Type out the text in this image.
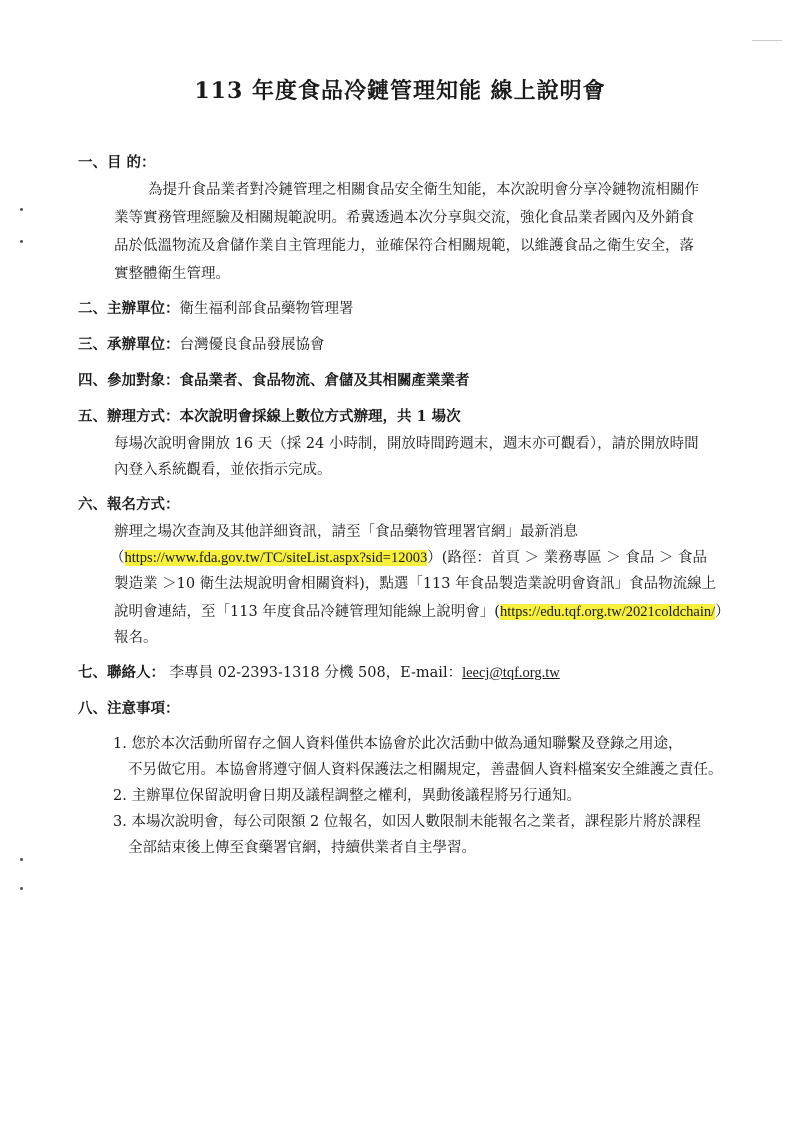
113 年度食品冷鏈管理知能 線上說明會
一、目 的：
為提升食品業者對冷鏈管理之相關食品安全衛生知能，本次說明會分享冷鏈物流相關作
業等實務管理經驗及相關規範說明。希冀透過本次分享與交流，強化食品業者國內及外銷食
品於低溫物流及倉儲作業自主管理能力，並確保符合相關規範，以維護食品之衛生安全，落
實整體衛生管理。
二、主辦單位：衛生福利部食品藥物管理署
三、承辦單位：台灣優良食品發展協會
四、參加對象：食品業者、食品物流、倉儲及其相關產業業者
五、辦理方式：本次說明會採線上數位方式辦理，共 1 場次
每場次說明會開放 16 天（採 24 小時制，開放時間跨週末，週末亦可觀看），請於開放時間
內登入系統觀看，並依指示完成。
六、報名方式：
辦理之場次查詢及其他詳細資訊，請至「食品藥物管理署官網」最新消息
（https://www.fda.gov.tw/TC/siteList.aspx?sid=12003）(路徑：首頁 ＞ 業務專區 ＞ 食品 ＞ 食品
製造業 ＞10 衛生法規說明會相關資料)，點選「113 年食品製造業說明會資訊」食品物流線上
說明會連結，至「113 年度食品冷鏈管理知能線上說明會」(https://edu.tqf.org.tw/2021coldchain/）
報名。
七、聯絡人： 李專員 02-2393-1318 分機 508，E-mail：leecj@tqf.org.tw
八、注意事項：
1. 您於本次活動所留存之個人資料僅供本協會於此次活動中做為通知聯繫及登錄之用途，
不另做它用。本協會將遵守個人資料保護法之相關規定，善盡個人資料檔案安全維護之責任。
2. 主辦單位保留說明會日期及議程調整之權利，異動後議程將另行通知。
3. 本場次說明會，每公司限額 2 位報名，如因人數限制未能報名之業者，課程影片將於課程
全部結束後上傳至食藥署官網，持續供業者自主學習。
